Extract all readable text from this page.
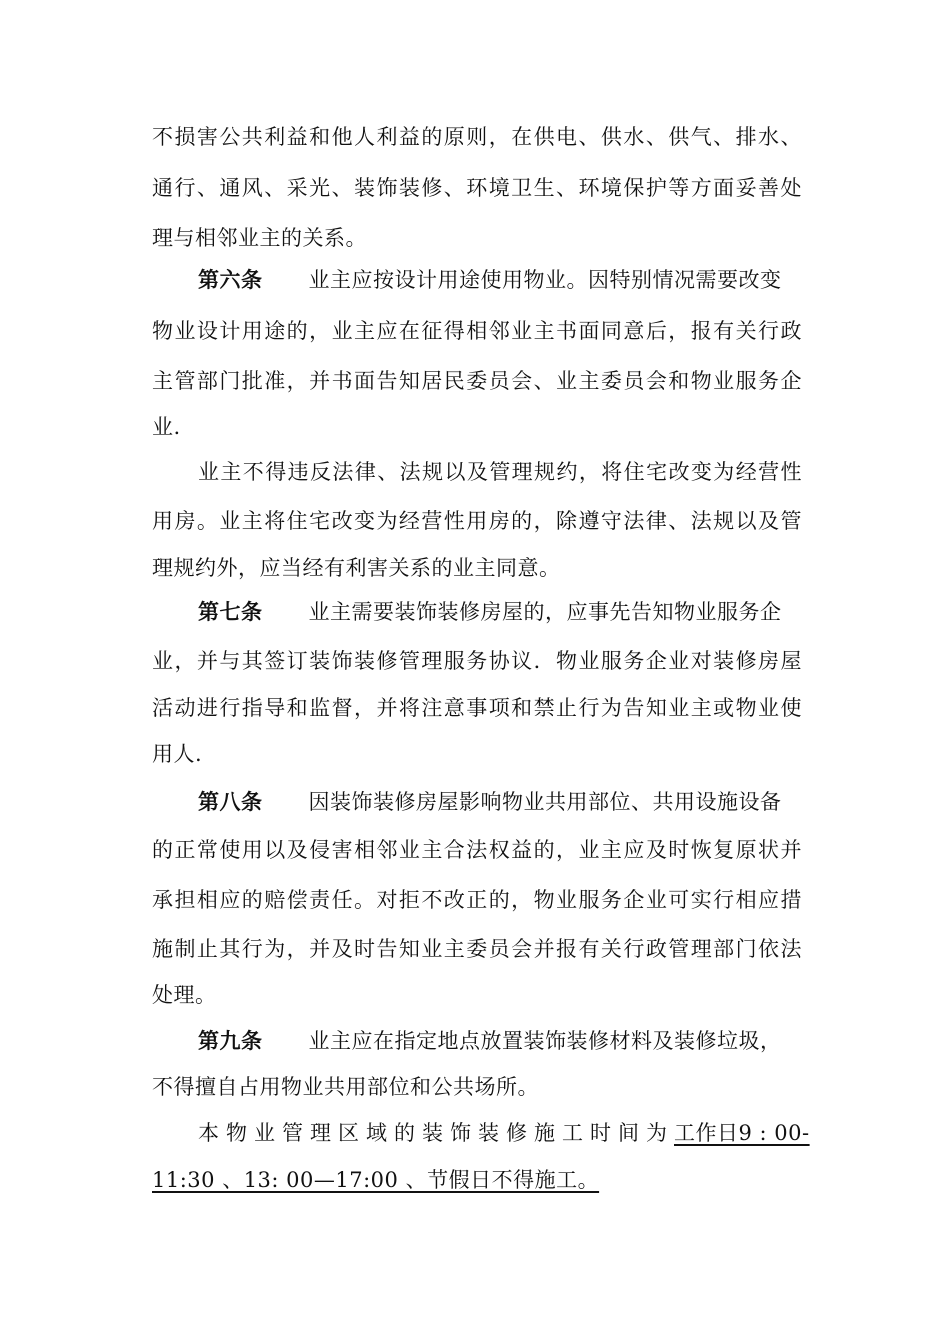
不损害公共利益和他人利益的原则，在供电、供水、供气、排水、
通行、通风、采光、装饰装修、环境卫生、环境保护等方面妥善处
理与相邻业主的关系。
第六条 业主应按设计用途使用物业。因特别情况需要改变
物业设计用途的，业主应在征得相邻业主书面同意后，报有关行政
主管部门批准，并书面告知居民委员会、业主委员会和物业服务企
业.
业主不得违反法律、法规以及管理规约，将住宅改变为经营性
用房。业主将住宅改变为经营性用房的，除遵守法律、法规以及管
理规约外，应当经有利害关系的业主同意。
第七条 业主需要装饰装修房屋的，应事先告知物业服务企
业，并与其签订装饰装修管理服务协议．物业服务企业对装修房屋
活动进行指导和监督，并将注意事项和禁止行为告知业主或物业使
用人.
第八条 因装饰装修房屋影响物业共用部位、共用设施设备
的正常使用以及侵害相邻业主合法权益的，业主应及时恢复原状并
承担相应的赔偿责任。对拒不改正的，物业服务企业可实行相应措
施制止其行为，并及时告知业主委员会并报有关行政管理部门依法
处理。
第九条 业主应在指定地点放置装饰装修材料及装修垃圾，
不得擅自占用物业共用部位和公共场所。
本物业管理区域的装饰装修施工时间为工作日9 : 00-
11:30 、13: 00—17:00 、节假日不得施工。
